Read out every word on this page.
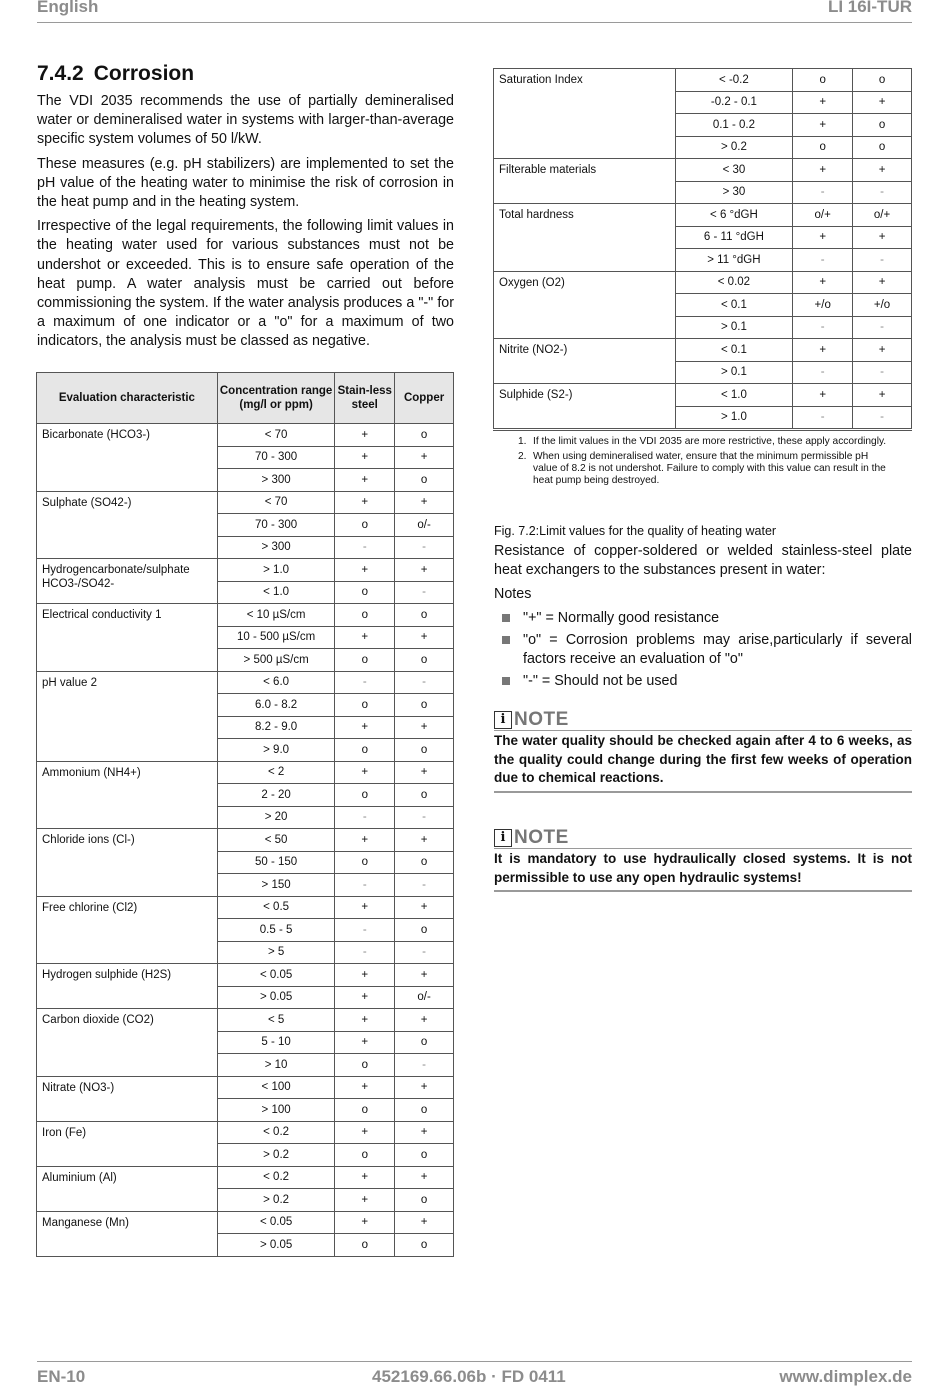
English	LI 16I-TUR
7.4.2 Corrosion

The VDI 2035 recommends the use of partially demineralised water or demineralised water in systems with larger-than-average specific system volumes of 50 l/kW.

These measures (e.g. pH stabilizers) are implemented to set the pH value of the heating water to minimise the risk of corrosion in the heat pump and in the heating system.

Irrespective of the legal requirements, the following limit values in the heating water used for various substances must not be undershot or exceeded. This is to ensure safe operation of the heat pump. A water analysis must be carried out before commissioning the system. If the water analysis produces a "-" for a maximum of one indicator or a "o" for a maximum of two indicators, the analysis must be classed as negative.

Evaluation characteristic	Concentration range (mg/l or ppm)	Stain-less steel	Copper
Bicarbonate (HCO3-)	< 70	+	o
	70 - 300	+	+
	> 300	+	o
Sulphate (SO42-)	< 70	+	+
	70 - 300	o	o/-
	> 300	-	-
Hydrogencarbonate/sulphate HCO3-/SO42-	> 1.0	+	+
	< 1.0	o	-
Electrical conductivity 1	< 10 µS/cm	o	o
	10 - 500 µS/cm	+	+
	> 500 µS/cm	o	o
pH value 2	< 6.0	-	-
	6.0 - 8.2	o	o
	8.2 - 9.0	+	+
	> 9.0	o	o
Ammonium (NH4+)	< 2	+	+
	2 - 20	o	o
	> 20	-	-
Chloride ions (Cl-)	< 50	+	+
	50 - 150	o	o
	> 150	-	-
Free chlorine (Cl2)	< 0.5	+	+
	0.5 - 5	-	o
	> 5	-	-
Hydrogen sulphide (H2S)	< 0.05	+	+
	> 0.05	+	o/-
Carbon dioxide (CO2)	< 5	+	+
	5 - 10	+	o
	> 10	o	-
Nitrate (NO3-)	< 100	+	+
	> 100	o	o
Iron (Fe)	< 0.2	+	+
	> 0.2	o	o
Aluminium (Al)	< 0.2	+	+
	> 0.2	+	o
Manganese (Mn)	< 0.05	+	+
	> 0.05	o	o
Saturation Index	< -0.2	o	o
	-0.2 - 0.1	+	+
	0.1 - 0.2	+	o
	> 0.2	o	o
Filterable materials	< 30	+	+
	> 30	-	-
Total hardness	< 6 °dGH	o/+	o/+
	6 - 11 °dGH	+	+
	> 11 °dGH	-	-
Oxygen (O2)	< 0.02	+	+
	< 0.1	+/o	+/o
	> 0.1	-	-
Nitrite (NO2-)	< 0.1	+	+
	> 0.1	-	-
Sulphide (S2-)	< 1.0	+	+
	> 1.0	-	-
1. If the limit values in the VDI 2035 are more restrictive, these apply accordingly.
2. When using demineralised water, ensure that the minimum permissible pH value of 8.2 is not undershot. Failure to comply with this value can result in the heat pump being destroyed.
Fig. 7.2:Limit values for the quality of heating water

Resistance of copper-soldered or welded stainless-steel plate heat exchangers to the substances present in water:

Notes

"+" = Normally good resistance
"o" = Corrosion problems may arise,particularly if several factors receive an evaluation of "o"
"-" = Should not be used
i NOTE
The water quality should be checked again after 4 to 6 weeks, as the quality could change during the first few weeks of operation due to chemical reactions.
i NOTE
It is mandatory to use hydraulically closed systems. It is not permissible to use any open hydraulic systems!
EN-10	452169.66.06b · FD 0411	www.dimplex.de
